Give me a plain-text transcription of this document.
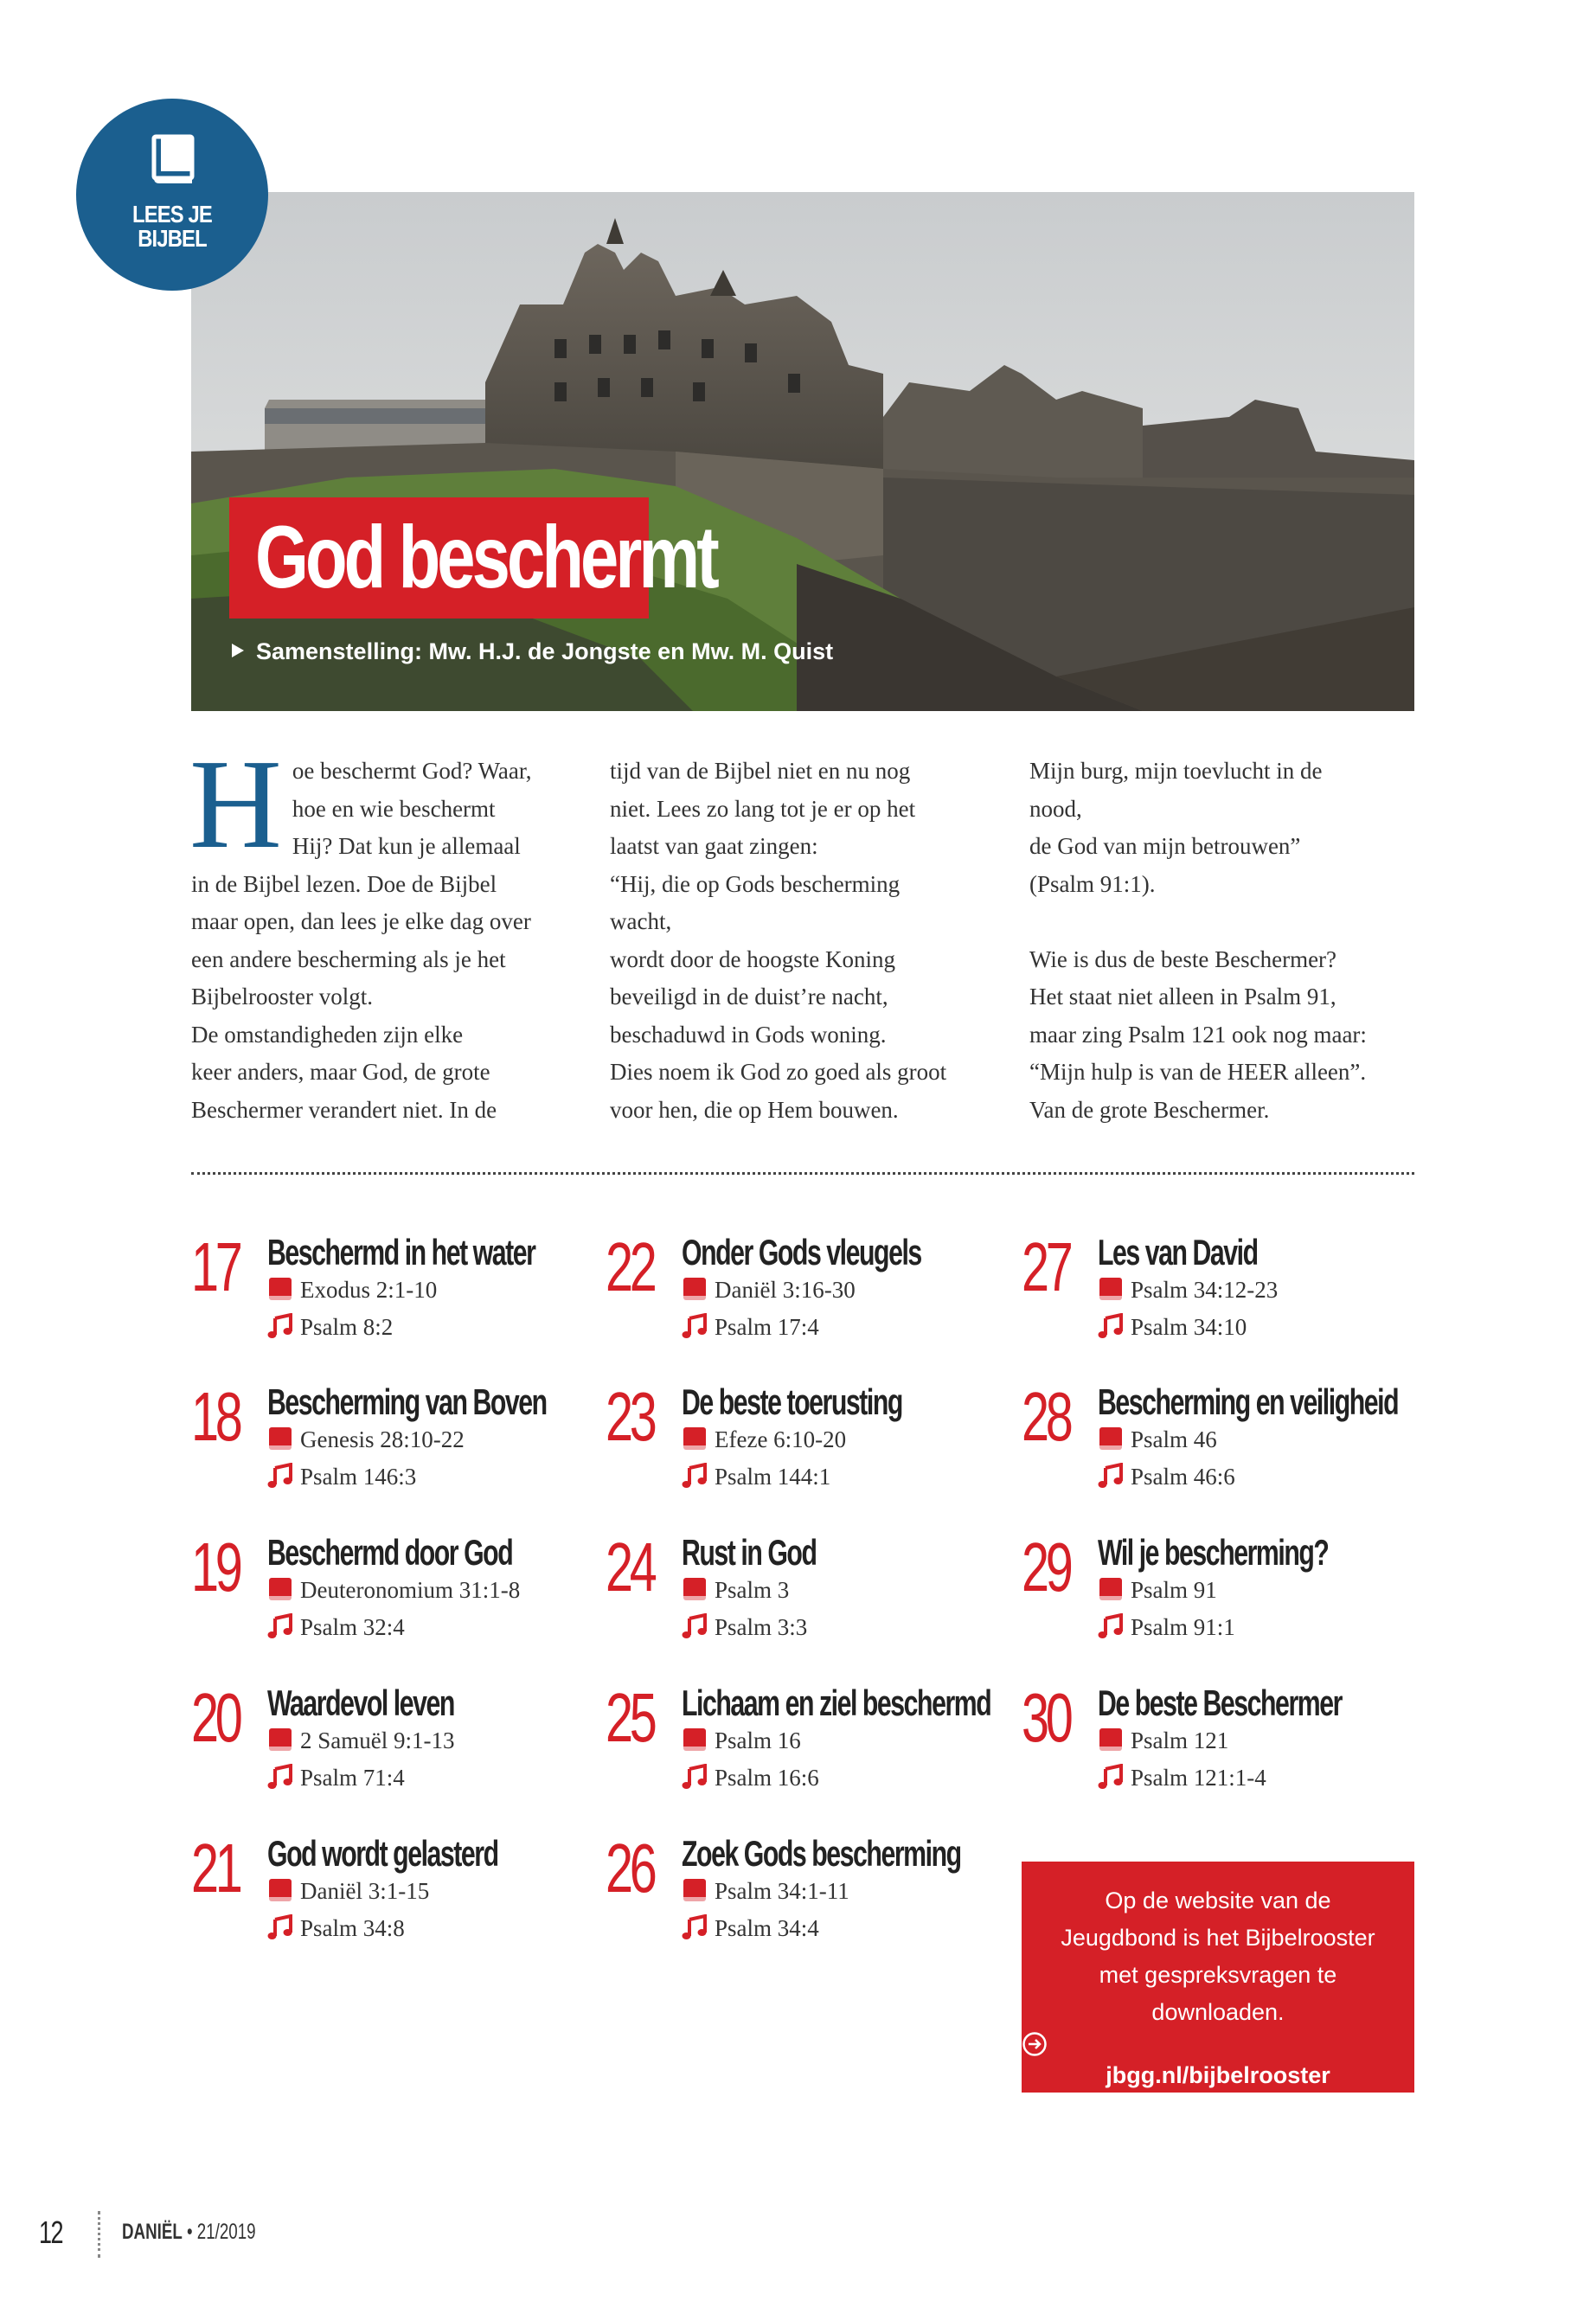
LEES JE
BIJBEL
God beschermt
Samenstelling: Mw. H.J. de Jongste en Mw. M. Quist
H oe beschermt God? Waar,
hoe en wie beschermt
Hij? Dat kun je allemaal
in de Bijbel lezen. Doe de Bijbel
maar open, dan lees je elke dag over
een andere bescherming als je het
Bijbelrooster volgt.
De omstandigheden zijn elke
keer anders, maar God, de grote
Beschermer verandert niet. In de
tijd van de Bijbel niet en nu nog
niet. Lees zo lang tot je er op het
laatst van gaat zingen:
“Hij, die op Gods bescherming
wacht,
wordt door de hoogste Koning
beveiligd in de duist’re nacht,
beschaduwd in Gods woning.
Dies noem ik God zo goed als groot
voor hen, die op Hem bouwen.
Mijn burg, mijn toevlucht in de
nood,
de God van mijn betrouwen”
(Psalm 91:1).
Wie is dus de beste Beschermer?
Het staat niet alleen in Psalm 91,
maar zing Psalm 121 ook nog maar:
“Mijn hulp is van de HEER alleen”.
Van de grote Beschermer.
17 Beschermd in het water
Exodus 2:1-10
Psalm 8:2
18 Bescherming van Boven
Genesis 28:10-22
Psalm 146:3
19 Beschermd door God
Deuteronomium 31:1-8
Psalm 32:4
20 Waardevol leven
2 Samuël 9:1-13
Psalm 71:4
21 God wordt gelasterd
Daniël 3:1-15
Psalm 34:8
22 Onder Gods vleugels
Daniël 3:16-30
Psalm 17:4
23 De beste toerusting
Efeze 6:10-20
Psalm 144:1
24 Rust in God
Psalm 3
Psalm 3:3
25 Lichaam en ziel beschermd
Psalm 16
Psalm 16:6
26 Zoek Gods bescherming
Psalm 34:1-11
Psalm 34:4
27 Les van David
Psalm 34:12-23
Psalm 34:10
28 Bescherming en veiligheid
Psalm 46
Psalm 46:6
29 Wil je bescherming?
Psalm 91
Psalm 91:1
30 De beste Beschermer
Psalm 121
Psalm 121:1-4
Op de website van de
Jeugdbond is het Bijbelrooster
met gespreksvragen te
downloaden.
jbgg.nl/bijbelrooster
12	DANIËL • 21/2019
